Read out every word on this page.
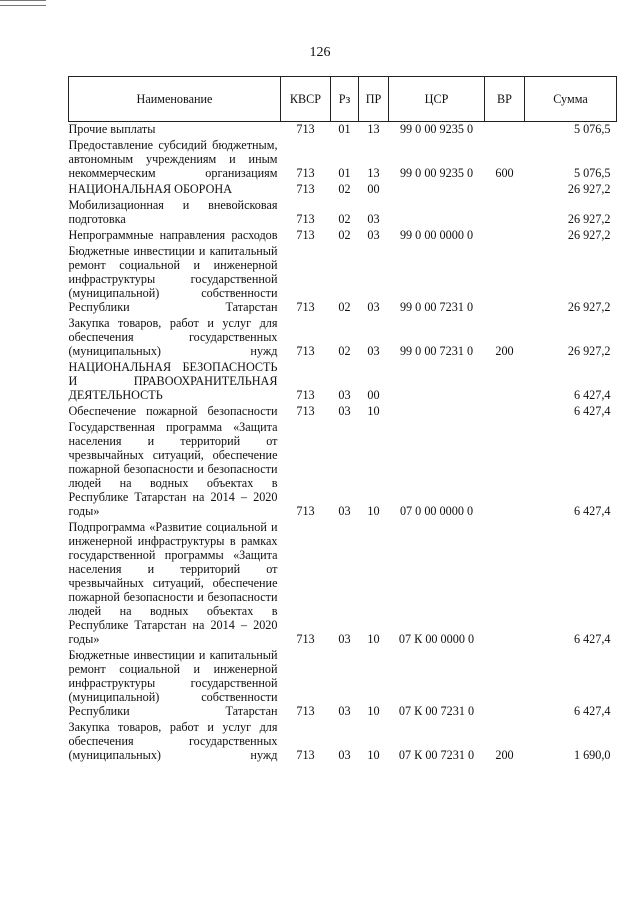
126
Наименование	КВСР	Рз	ПР	ЦСР	ВР	Сумма
Прочие выплаты	713	01	13	99 0 00 9235 0		5 076,5
Предоставление субсидий бюджетным, автономным учреждениям и иным некоммерческим организациям	713	01	13	99 0 00 9235 0	600	5 076,5
НАЦИОНАЛЬНАЯ ОБОРОНА	713	02	00			26 927,2
Мобилизационная и вневойсковая подготовка	713	02	03			26 927,2
Непрограммные направления расходов	713	02	03	99 0 00 0000 0		26 927,2
Бюджетные инвестиции и капитальный ремонт социальной и инженерной инфраструктуры государственной (муниципальной) собственности Республики Татарстан	713	02	03	99 0 00 7231 0		26 927,2
Закупка товаров, работ и услуг для обеспечения государственных (муниципальных) нужд	713	02	03	99 0 00 7231 0	200	26 927,2
НАЦИОНАЛЬНАЯ БЕЗОПАСНОСТЬ И ПРАВООХРАНИТЕЛЬНАЯ ДЕЯТЕЛЬНОСТЬ	713	03	00			6 427,4
Обеспечение пожарной безопасности	713	03	10			6 427,4
Государственная программа «Защита населения и территорий от чрезвычайных ситуаций, обеспечение пожарной безопасности и безопасности людей на водных объектах в Республике Татарстан на 2014 – 2020 годы»	713	03	10	07 0 00 0000 0		6 427,4
Подпрограмма «Развитие социальной и инженерной инфраструктуры в рамках государственной программы «Защита населения и территорий от чрезвычайных ситуаций, обеспечение пожарной безопасности и безопасности людей на водных объектах в Республике Татарстан на 2014 – 2020 годы»	713	03	10	07 К 00 0000 0		6 427,4
Бюджетные инвестиции и капитальный ремонт социальной и инженерной инфраструктуры государственной (муниципальной) собственности Республики Татарстан	713	03	10	07 К 00 7231 0		6 427,4
Закупка товаров, работ и услуг для обеспечения государственных (муниципальных) нужд	713	03	10	07 К 00 7231 0	200	1 690,0
